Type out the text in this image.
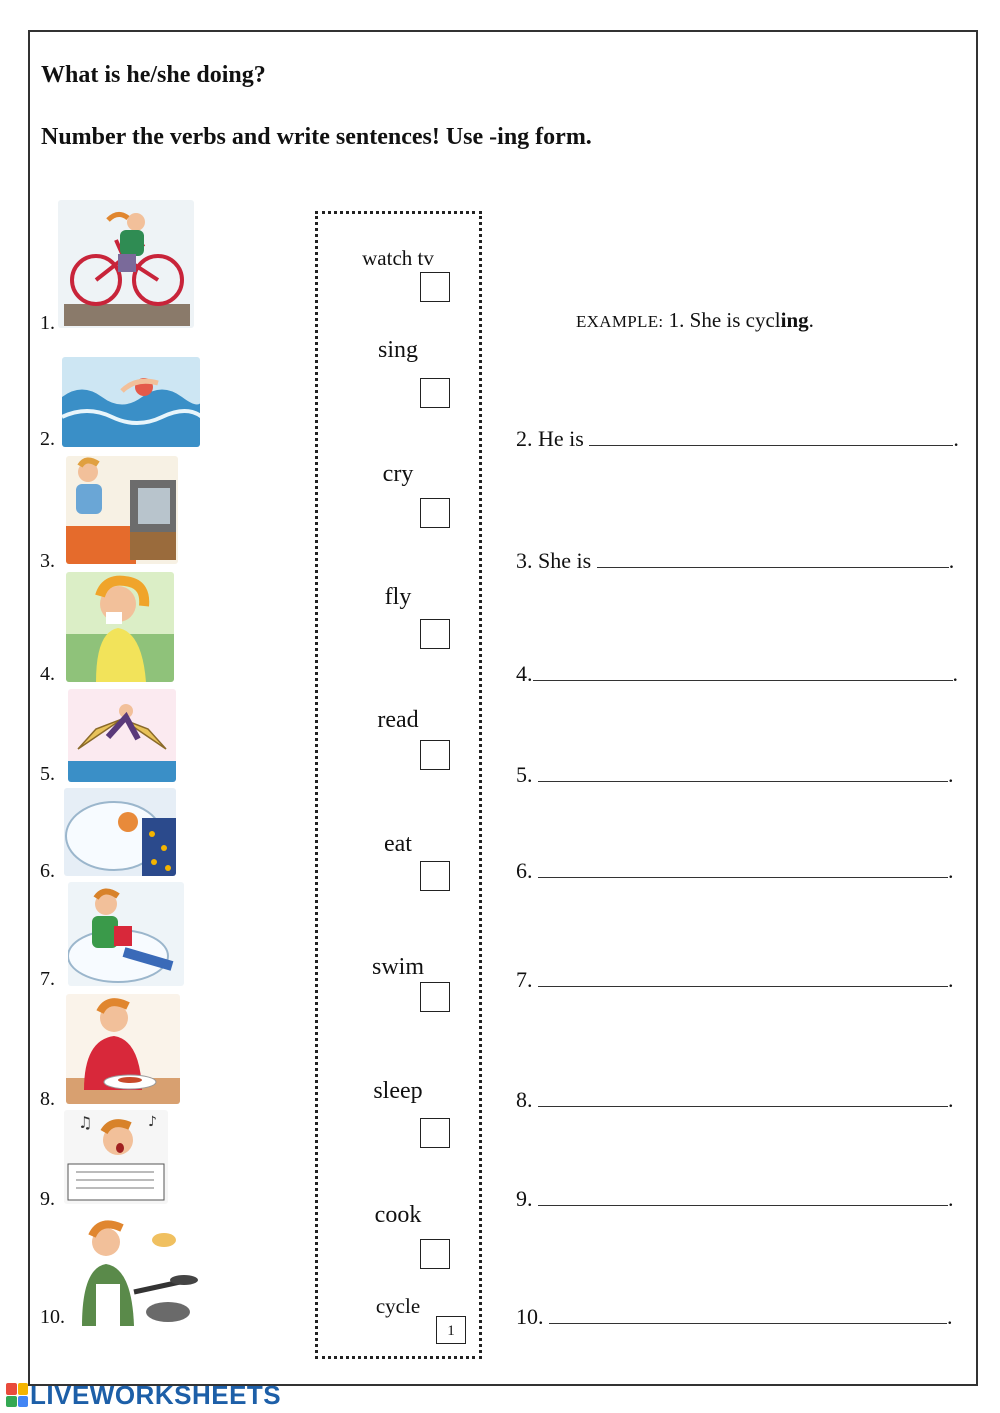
What is he/she doing?
Number the verbs and write sentences! Use -ing form.
1.
2.
3.
4.
5.
6.
7.
8.
9.
♫	♪
10.
watch tv
sing
cry
fly
read
eat
swim
sleep
cook
cycle
1
EXAMPLE: 1. She is cycling.
2. He is	.
3. She is	.
4.	.
5.	.
6.	.
7.	.
8.	.
9.	.
10.	.
LIVEWORKSHEETS
